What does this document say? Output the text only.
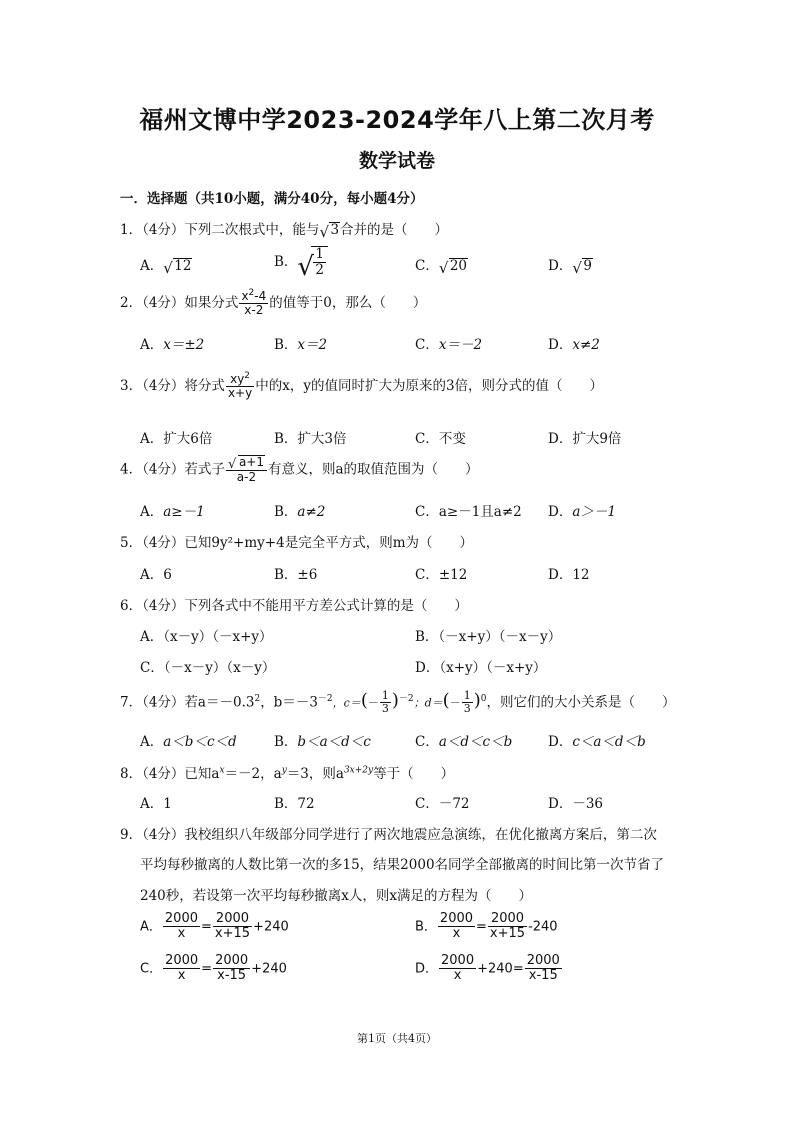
福州文博中学2023-2024学年八上第二次月考
数学试卷
一．选择题（共10小题，满分40分，每小题4分）
1．（4分）下列二次根式中，能与 √ 3合并的是（　　）
A． √ 12	B． √ $\frac{1}{2}$	C． √ 20	D． √ 9
2．（4分）如果分式 $\frac{x^2-4}{x-2}$ 的值等于0，那么（　　）
A．x＝±2	B．x＝2	C．x＝－2	D．x≠2
3．（4分）将分式 $\frac{xy^2}{x+y}$ 中的x，y的值同时扩大为原来的3倍，则分式的值（　　）
A．扩大6倍	B．扩大3倍	C．不变	D．扩大9倍
4．（4分）若式子 $\frac{√ a+1}{a-2}$ 有意义，则a的取值范围为（　　）
A．a≥－1	B．a≠2	C．a≥－1且a≠2 D．a＞－1
5．（4分）已知9y²+my+4是完全平方式，则m为（　　）
A．6	B．±6	C．±12	D．12
6．（4分）下列各式中不能用平方差公式计算的是（　　）
A．（x－y）（－x+y）	B．（－x+y）（－x－y）
C．（－x－y）（x－y）	D．（x+y）（－x+y）
7．（4分）若$a=-0.3^2$，$b=-3^{-2}$，$c=(- \frac{1}{3} )^{-2}$；$d=(- \frac{1}{3} )^0$，则它们的大小关系是（　　）
A．a＜b＜c＜d	B．b＜a＜d＜c	C．a＜d＜c＜b	D．c＜a＜d＜b
8．（4分）已知$a^x=-2$，$a^y=3$，则$a^{3x+2y}$等于（　　）
A．1	B．72	C．－72	D．－36
9．（4分）我校组织八年级部分同学进行了两次地震应急演练，在优化撤离方案后，第二次
平均每秒撤离的人数比第一次的多15，结果2000名同学全部撤离的时间比第一次节省了
240秒，若设第一次平均每秒撤离x人，则x满足的方程为（　　）
A． $\frac{2000}{x} = \frac{2000}{x+15} +240$	B． $\frac{2000}{x} = \frac{2000}{x+15} -240$
C． $\frac{2000}{x} = \frac{2000}{x-15} +240$	D． $\frac{2000}{x} +240= \frac{2000}{x-15}$
第1页（共4页）
